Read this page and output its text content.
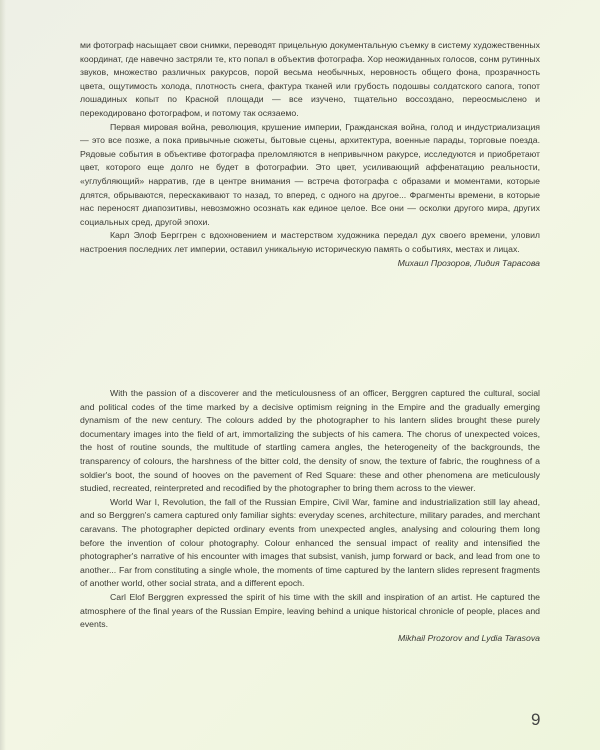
ми фотограф насыщает свои снимки, переводят прицельную документальную съемку в систему художественных координат, где навечно застряли те, кто попал в объектив фотографа. Хор неожиданных голосов, сонм рутинных звуков, множество различных ракурсов, порой весьма необычных, неровность общего фона, прозрачность цвета, ощутимость холода, плотность снега, фактура тканей или грубость подошвы солдатского сапога, топот лошадиных копыт по Красной площади — все изучено, тщательно воссоздано, переосмыслено и перекодировано фотографом, и потому так осязаемо.

Первая мировая война, революция, крушение империи, Гражданская война, голод и индустриализация — это все позже, а пока привычные сюжеты, бытовые сцены, архитектура, военные парады, торговые поезда. Рядовые события в объективе фотографа преломляются в непривычном ракурсе, исследуются и приобретают цвет, которого еще долго не будет в фотографии. Это цвет, усиливающий аффенатацию реальности, «углубляющий» нарратив, где в центре внимания — встреча фотографа с образами и моментами, которые длятся, обрываются, перескакивают то назад, то вперед, с одного на другое... Фрагменты времени, в которые нас переносят диапозитивы, невозможно осознать как единое целое. Все они — осколки другого мира, других социальных сред, другой эпохи.

Карл Элоф Берггрен с вдохновением и мастерством художника передал дух своего времени, уловил настроения последних лет империи, оставил уникальную историческую память о событиях, местах и лицах.

Михаил Прозоров, Лидия Тарасова

With the passion of a discoverer and the meticulousness of an officer, Berggren captured the cultural, social and political codes of the time marked by a decisive optimism reigning in the Empire and the gradually emerging dynamism of the new century. The colours added by the photographer to his lantern slides brought these purely documentary images into the field of art, immortalizing the subjects of his camera. The chorus of unexpected voices, the host of routine sounds, the multitude of startling camera angles, the heterogeneity of the backgrounds, the transparency of colours, the harshness of the bitter cold, the density of snow, the texture of fabric, the roughness of a soldier's boot, the sound of hooves on the pavement of Red Square: these and other phenomena are meticulously studied, recreated, reinterpreted and recodified by the photographer to bring them across to the viewer.

World War I, Revolution, the fall of the Russian Empire, Civil War, famine and industrialization still lay ahead, and so Berggren's camera captured only familiar sights: everyday scenes, architecture, military parades, and merchant caravans. The photographer depicted ordinary events from unexpected angles, analysing and colouring them long before the invention of colour photography. Colour enhanced the sensual impact of reality and intensified the photographer's narrative of his encounter with images that subsist, vanish, jump forward or back, and lead from one to another... Far from constituting a single whole, the moments of time captured by the lantern slides represent fragments of another world, other social strata, and a different epoch.

Carl Elof Berggren expressed the spirit of his time with the skill and inspiration of an artist. He captured the atmosphere of the final years of the Russian Empire, leaving behind a unique historical chronicle of people, places and events.

Mikhail Prozorov and Lydia Tarasova

9
